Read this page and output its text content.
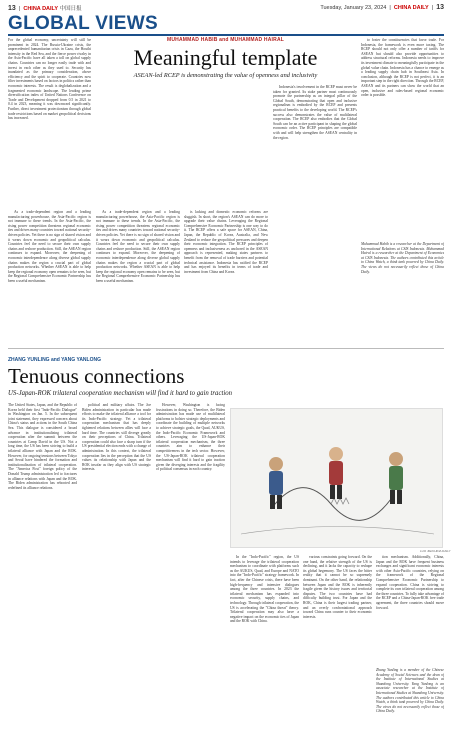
13  |  CHINA DAILY 中国日报	Tuesday, January 23, 2024  |  CHINA DAILY  |  13
GLOBAL VIEWS
MUHAMMAD HABIB and MUHAMMAD HAIRAL
Meaningful template
ASEAN-led RCEP is demonstrating the value of openness and inclusivity

For the global economy, uncertainty will still be prominent in 2024. The Russia-Ukraine crisis, the unprecedented humanitarian crisis in Gaza, the Houthi intensity in the Red Sea, and the fierce power rivalry in the Asia-Pacific have all taken a toll on global supply chains. Countries can no longer easily trade with and invest in each other as they used to. Security has inundated as the primary consideration, above efficiency and the spirit to cooperate. Countries now filter investments based on factors in politics rather than economic interests. The result is deglobalization and a fragmented economic landscape. The leading prime diversification index of United Nations Conference on Trade and Development dropped from 0.5 in 2021 to 0.4 in 2023, meaning it was downward significantly. Further, direct investment protectionism through global trade restrictions based on market geopolitical decisions has increased.

As a trade-dependent region and a leading manufacturing powerhouse, the Asia-Pacific region is not immune to these trends. In the Asia-Pacific, the rising power competition threatens regional economic ties and drives many countries toward national security-driven policies. Yet there is no sign of shared vision and it wears down economic and geopolitical calculus. Countries feel the need to secure their own supply chains and reshore production. Still, the ASEAN region continues to expand. Moreover, the deepening of economic interdependence along diverse global supply chains makes the region a crucial part of global production networks. Whether ASEAN is able to help keep the regional economy open remains to be seen, but the Regional Comprehensive Economic Partnership has been a useful mechanism.

As a trade-dependent region and a leading manufacturing powerhouse, the Asia-Pacific region is not immune to these trends. In the Asia-Pacific, the rising power competition threatens regional economic ties and drives many countries toward national security-driven policies. Yet there is no sign of shared vision and it wears down economic and geopolitical calculus. Countries feel the need to secure their own supply chains and reshore production. Still, the ASEAN region continues to expand. Moreover, the deepening of economic interdependence along diverse global supply chains makes the region a crucial part of global production networks. Whether ASEAN is able to help keep the regional economy open remains to be seen, but the Regional Comprehensive Economic Partnership has been a useful mechanism.

is lacking and domestic economic reforms are sluggish. In short, the region's ASEAN can do more to upgrade their value chains. Leveraging the Regional Comprehensive Economic Partnership is one way to do it. The RCEP offers a safe space for ASEAN, China, Japan, the Republic of Korea, Australia, and New Zealand to reduce the geopolitical pressures and deepen their economic integration. The RCEP principles of openness and inclusiveness as anchored in the ASEAN approach is represented, making states partners to benefit from the removal of trade barriers and potential technical assistance. Indonesia has ratified the RCEP and has enjoyed its benefits in terms of trade and investment from China and Korea.

Indonesia's involvement in the RCEP must never be taken for granted. Its stake partner must continuously promote the partnership as an integral pillar of the Global South, demonstrating that open and inclusive regionalism is embodied by the RCEP and presents practical benefits to the developing world. The RCEP's success also demonstrates the value of multilateral cooperation. The RCEP also embodies that the Global South can be an active participant in shaping the global economic order. The RCEP principles are compatible with and will help strengthen the ASEAN centrality in the region.

to foster the constituencies that favor trade. For Indonesia, the framework is even more taxing. The RCEP should not only offer a number of tariffs for ASEAN but should also provide opportunities to address structural reforms. Indonesia needs to improve its investment climate to meaningfully participate in the global value chain. Indonesia has a chance to emerge as a leading supply chain hub in Southeast Asia. In conclusion, although the RCEP is not perfect, it is an important step in the right direction. Through the RCEP, ASEAN and its partners can show the world that an open, inclusive and rules-based regional economic order is possible.

Muhammad Habib is a researcher at the Department of International Relations at CSIS Indonesia. Muhammad Hairal is a researcher at the Department of Economics at CSIS Indonesia. The authors contributed this article to China Watch, a think tank powered by China Daily. The views do not necessarily reflect those of China Daily.

ZHANG YUNLING and YANG YANLONG
Tenuous connections
US-Japan-ROK trilateral cooperation mechanism will find it hard to gain traction

The United States, Japan, and the Republic of Korea held their first "Indo-Pacific Dialogue" in Washington on Jan. 5. In the subsequent joint statement, they expressed concern about China's status and actions in the South China Sea. This dialogue is considered a broad advance in institutionalizing trilateral cooperation after the summit between the countries at Camp David in the US. Not a long time, the US has been striving to build a trilateral alliance with Japan and the ROK. However, for ongoing tensions between Tokyo and Seoul have hindered the formation and institutionalization of trilateral cooperation. The "America First" foreign policy of the Donald Trump administration led to fractures in alliance relations with Japan and the ROK. The Biden administration has rebooted and redefined its alliance relations.

political and military affairs. The Joe Biden administration in particular has made efforts to make the trilateral alliance a tool for its Indo-Pacific strategy. Yet a trilateral cooperation mechanism that has deeply tightened relations between allies will face a hard time. The countries still diverge greatly on their perceptions of China. Trilateral cooperation could also face a sharp turn if the US presidential election ends with a change of administration. In this context, the trilateral cooperation lies in the perception that the US values its relationship with Japan and the ROK insofar as they align with US strategic interests.

However, Washington is facing frustrations in doing so. Therefore, the Biden administration has made use of multilateral platforms to bolster strategic deployments and coordinate the building of multiple networks to achieve strategic goals, the Quad, AUKUS, the Indo-Pacific Economic Framework and others. Leveraging the US-Japan-ROK trilateral cooperation mechanism, the three countries aim to enhance their competitiveness in the tech sector. However, the US-Japan-ROK trilateral cooperation mechanism will find it hard to gain traction given the diverging interests and the fragility of political consensus in each country.

In the "Indo-Pacific" region, the US intends to leverage the trilateral cooperation mechanism to coordinate with platforms such as the AUKUS, Quad, and Europe and NATO into the "Indo-Pacific" strategy framework. In fact, after the Chinese crisis, there have been high-frequency and intensive dialogues among the three countries. In 2023 the trilateral mechanism has expanded into economic security, supply chains, and technology. Through trilateral cooperation, the US is accelerating the "China threat" theory. Trilateral cooperation may also have a negative impact on the economic ties of Japan and the ROK with China.

various constraints going forward. On the one hand, the relative strength of the US is declining, and it lacks the capacity to reshape its global hegemony. The US faces the bitter reality that it cannot be so supremely dominant. On the other hand, the relationship between Japan and the ROK is inherently fragile given the history issues and territorial disputes. The two countries have had difficulty building trust. For Japan and the ROK, China is their largest trading partner, and an overly confrontational approach toward China runs counter to their economic interests.

tion mechanism. Additionally, China, Japan and the ROK have frequent business exchanges and significant economic interests with other Asia-Pacific countries, relying on the framework of the Regional Comprehensive Economic Partnership to expand cooperation. China is striving to complete its own trilateral cooperation among the three countries. To fully take advantage of the RCEP and a China-Japan-ROK free trade agreement, the three countries should move forward.

Zhang Yunling is a member of the Chinese Academy of Social Sciences and the dean of the Institute of International Studies at Shandong University. Yang Yanlong is an associate researcher at the Institute of International Studies at Shandong University. The authors contributed this article to China Watch, a think tank powered by China Daily. The views do not necessarily reflect those of China Daily.

LUO JIE/CHINA DAILY
